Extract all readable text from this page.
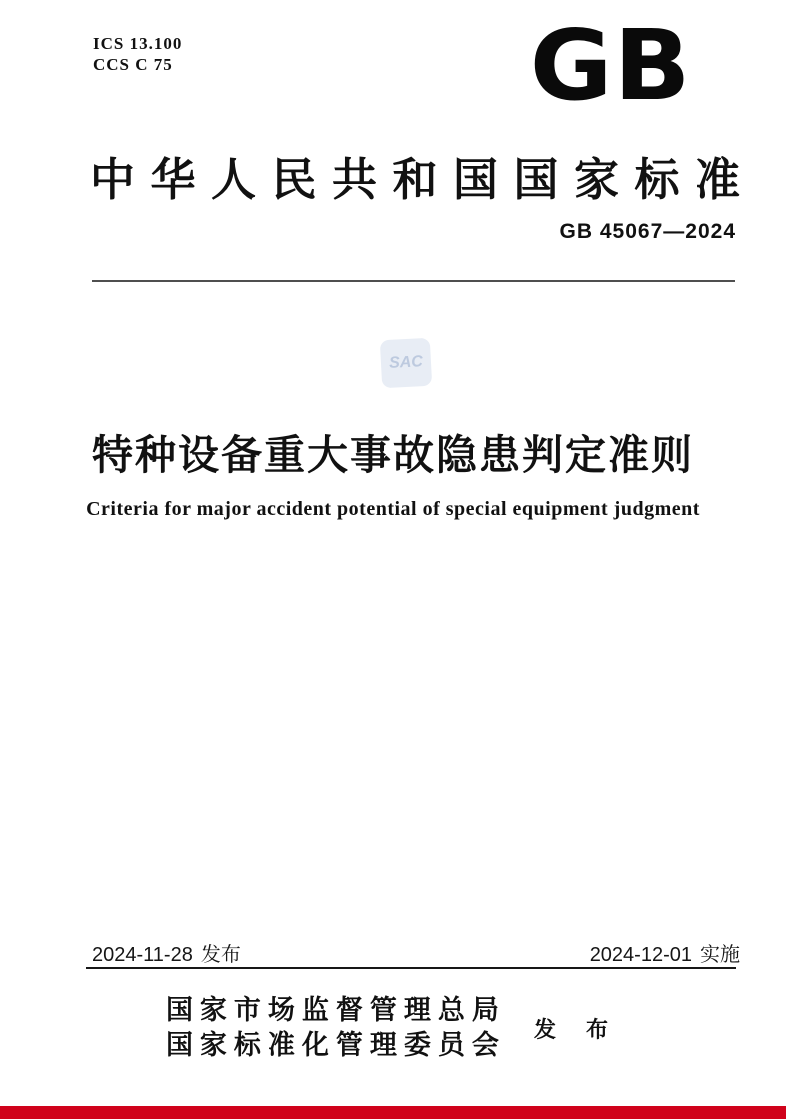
ICS 13.100
CCS C 75	GB
中华人民共和国国家标准
GB 45067—2024
SAC
特种设备重大事故隐患判定准则
Criteria for major accident potential of special equipment judgment
2024-11-28 发布	2024-12-01 实施
国家市场监督管理总局
国家标准化管理委员会
发 布
